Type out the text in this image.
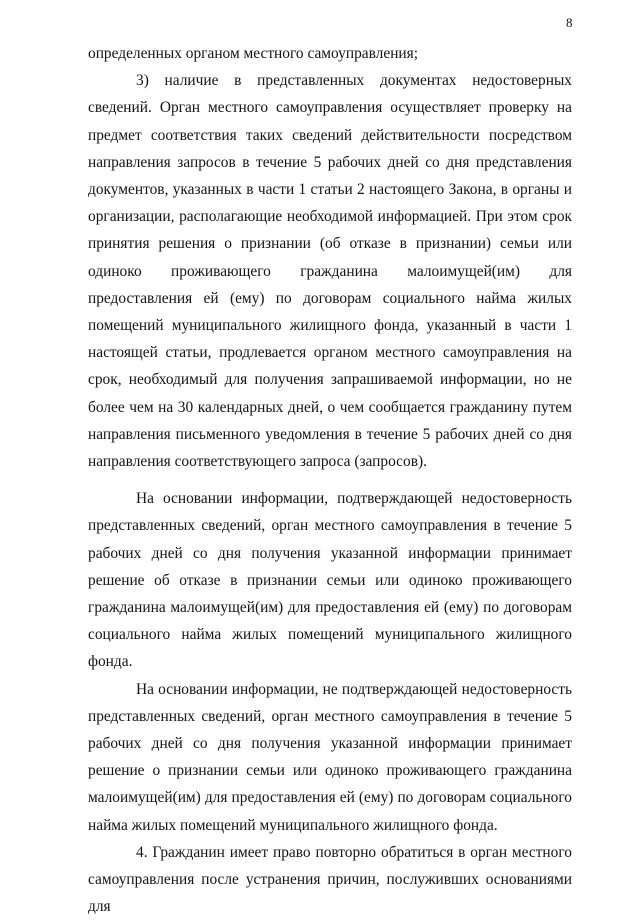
8

определенных органом местного самоуправления;

3) наличие в представленных документах недостоверных сведений. Орган местного самоуправления осуществляет проверку на предмет соответствия таких сведений действительности посредством направления запросов в течение 5 рабочих дней со дня представления документов, указанных в части 1 статьи 2 настоящего Закона, в органы и организации, располагающие необходимой информацией. При этом срок принятия решения о признании (об отказе в признании) семьи или одиноко проживающего гражданина малоимущей(им) для предоставления ей (ему) по договорам социального найма жилых помещений муниципального жилищного фонда, указанный в части 1 настоящей статьи, продлевается органом местного самоуправления на срок, необходимый для получения запрашиваемой информации, но не более чем на 30 календарных дней, о чем сообщается гражданину путем направления письменного уведомления в течение 5 рабочих дней со дня направления соответствующего запроса (запросов).

На основании информации, подтверждающей недостоверность представленных сведений, орган местного самоуправления в течение 5 рабочих дней со дня получения указанной информации принимает решение об отказе в признании семьи или одиноко проживающего гражданина малоимущей(им) для предоставления ей (ему) по договорам социального найма жилых помещений муниципального жилищного фонда.

На основании информации, не подтверждающей недостоверность представленных сведений, орган местного самоуправления в течение 5 рабочих дней со дня получения указанной информации принимает решение о признании семьи или одиноко проживающего гражданина малоимущей(им) для предоставления ей (ему) по договорам социального найма жилых помещений муниципального жилищного фонда.

4. Гражданин имеет право повторно обратиться в орган местного самоуправления после устранения причин, послуживших основаниями для
